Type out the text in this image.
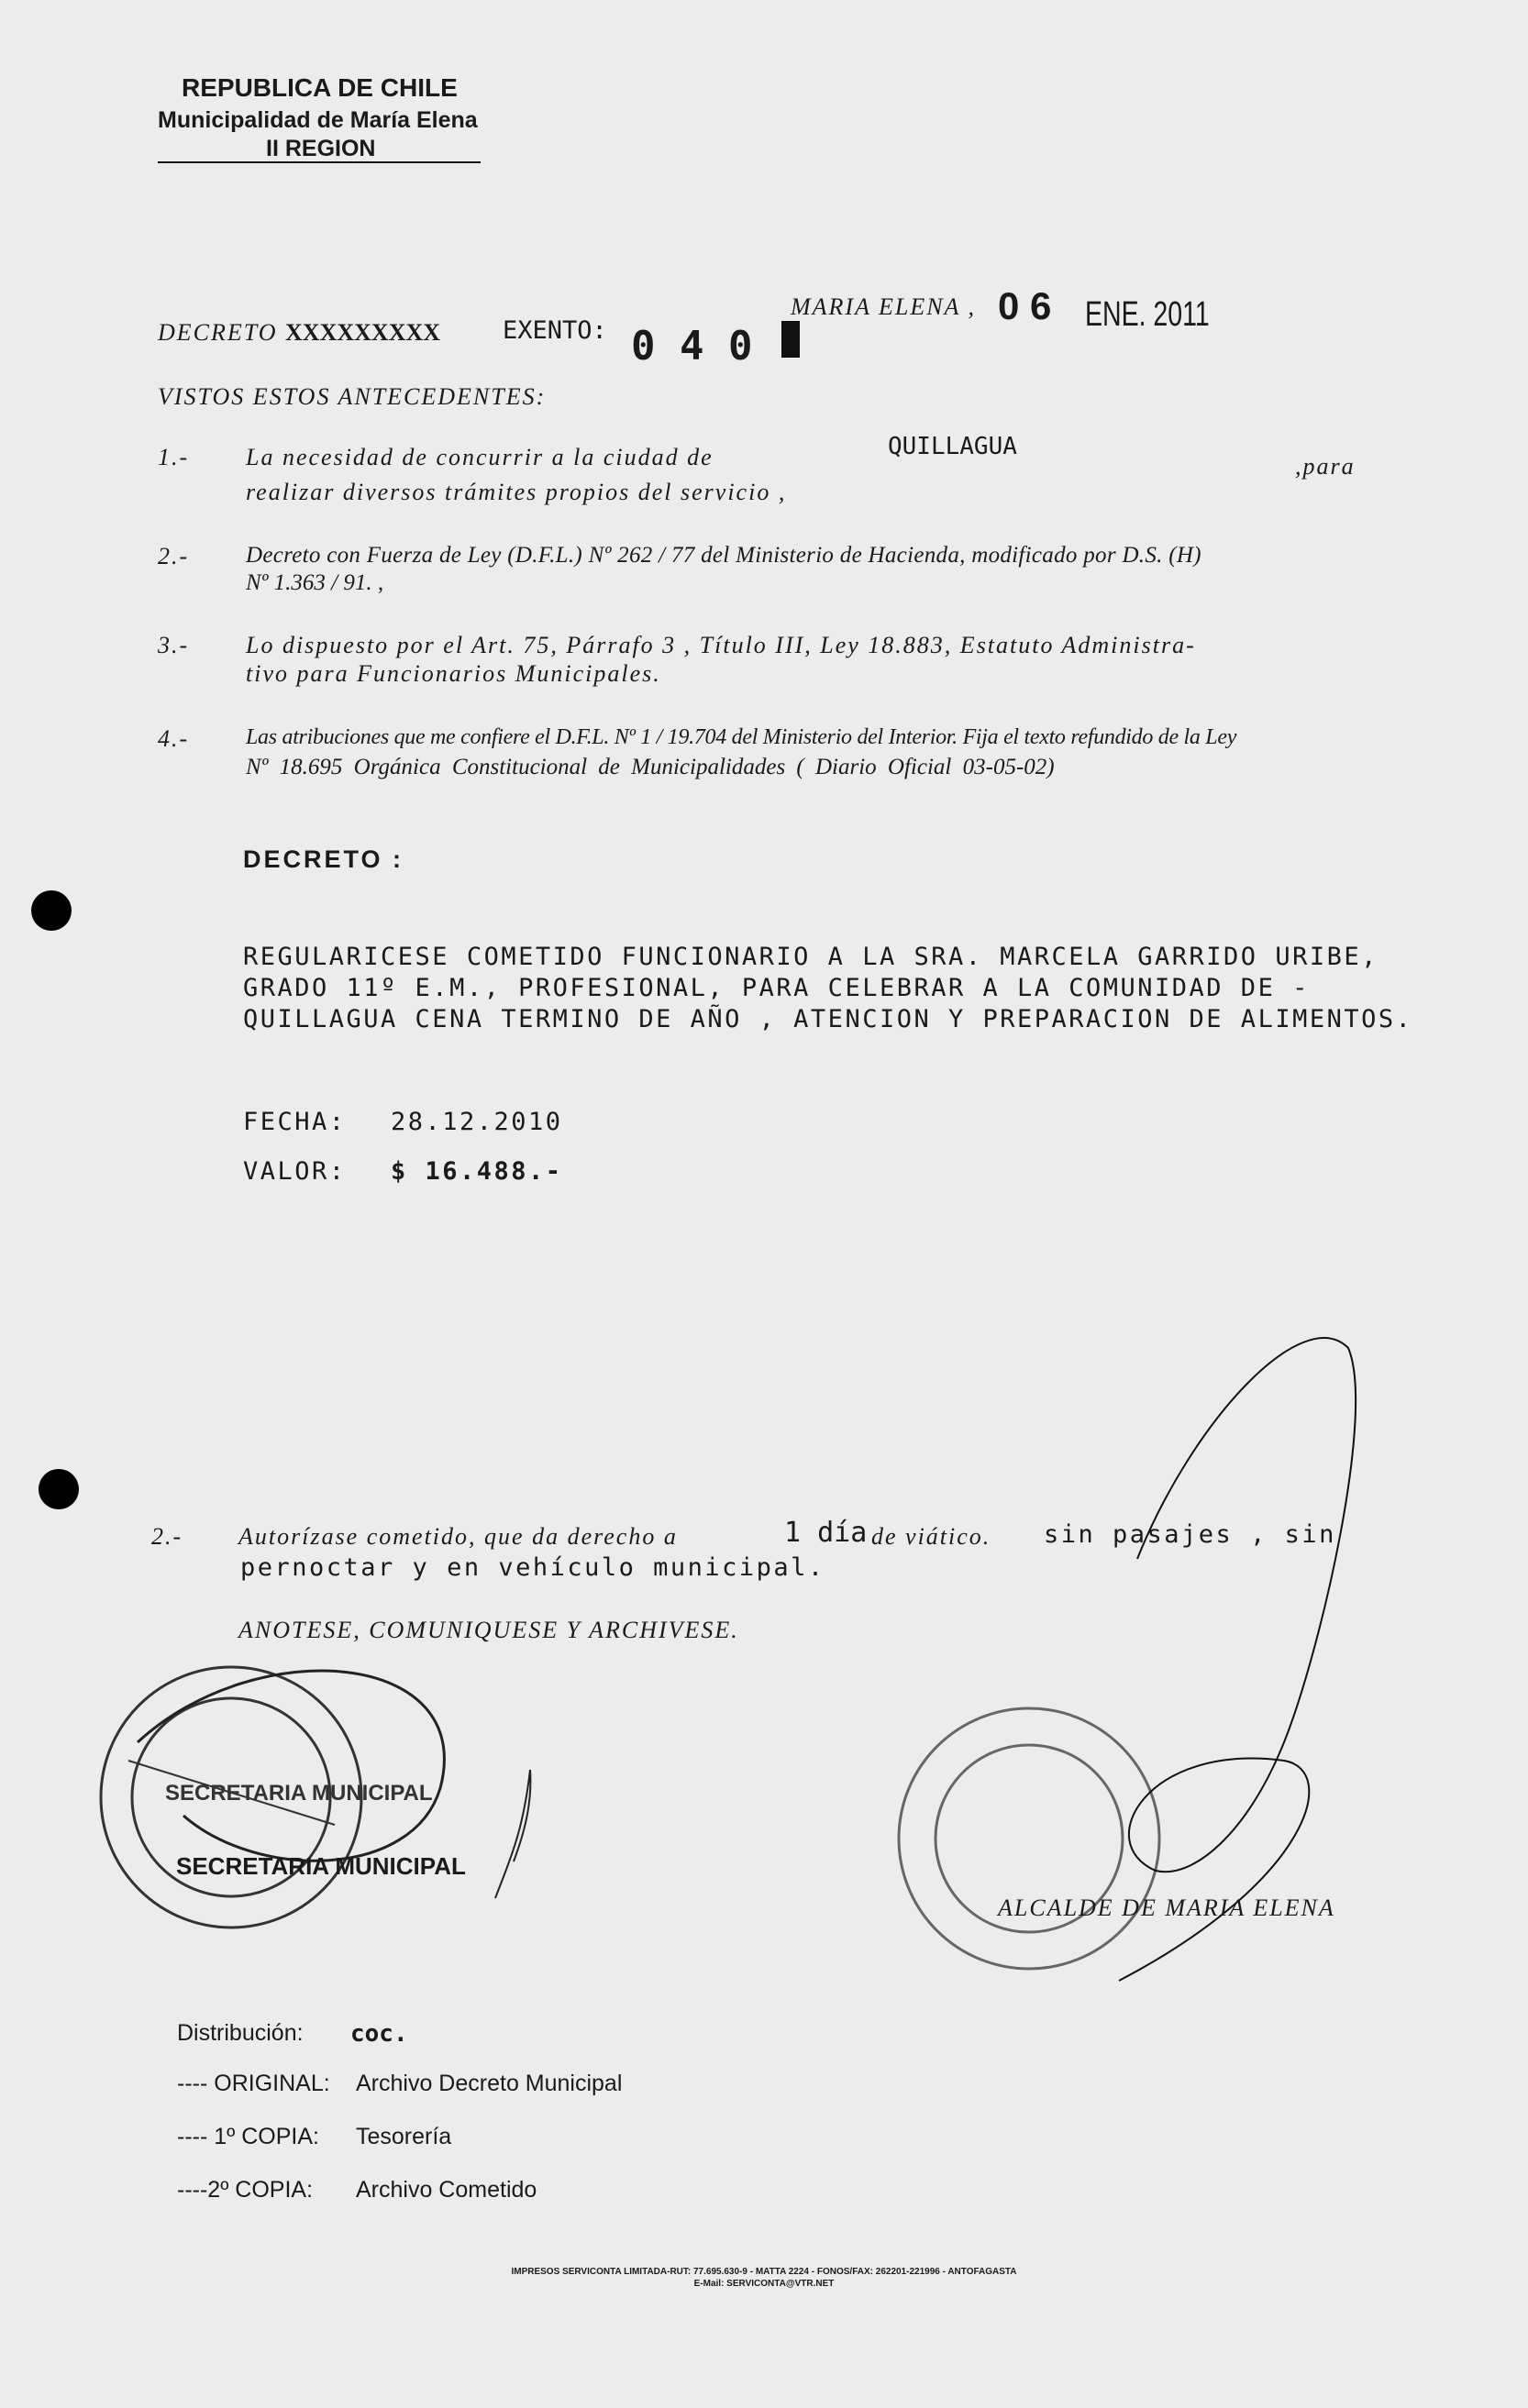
REPUBLICA DE CHILE
Municipalidad de María Elena
II REGION
DECRETO XXXXXXXXX	EXENTO: 0 4 0
MARIA ELENA , 0 6 ENE. 2011
VISTOS ESTOS ANTECEDENTES:
1.- La necesidad de concurrir a la ciudad de	QUILLAGUA
,para
realizar diversos trámites propios del servicio ,
2.- Decreto con Fuerza de Ley (D.F.L.) Nº 262 / 77 del Ministerio de Hacienda, modificado por D.S. (H)
Nº 1.363 / 91. ,
3.- Lo dispuesto por el Art. 75, Párrafo 3 , Título III, Ley 18.883, Estatuto Administra-
tivo para Funcionarios Municipales.
4.-	Las atribuciones que me confiere el D.F.L. Nº 1 / 19.704 del Ministerio del Interior. Fija el texto refundido de la Ley
Nº 18.695 Orgánica Constitucional de Municipalidades ( Diario Oficial 03-05-02)
DECRETO :
REGULARICESE COMETIDO FUNCIONARIO A LA SRA. MARCELA GARRIDO URIBE,
GRADO 11º E.M., PROFESIONAL, PARA CELEBRAR A LA COMUNIDAD DE -
QUILLAGUA CENA TERMINO DE AÑO , ATENCION Y PREPARACION DE ALIMENTOS.
FECHA: 28.12.2010
VALOR: $ 16.488.-
2.- Autorízase cometido, que da derecho a	1 día de viático. sin pasajes , sin
pernoctar y en vehículo municipal.
ANOTESE, COMUNIQUESE Y ARCHIVESE.
SECRETARIA MUNICIPAL
SECRETARIA MUNICIPAL
ALCALDE DE MARIA ELENA
Distribución: coc.
---- ORIGINAL: Archivo Decreto Municipal
---- 1º COPIA: Tesorería
----2º COPIA: Archivo Cometido
IMPRESOS SERVICONTA LIMITADA-RUT: 77.695.630-9 - MATTA 2224 - FONOS/FAX: 262201-221996 - ANTOFAGASTA
E-Mail: SERVICONTA@VTR.NET
